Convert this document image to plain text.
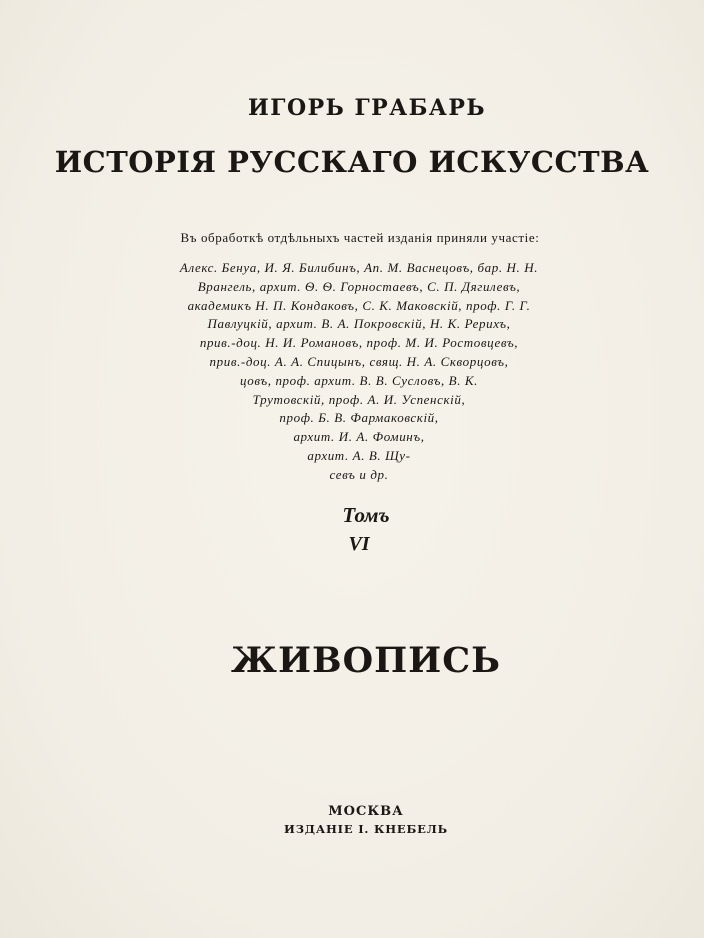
ИГОРЬ ГРАБАРЬ
ИСТОРІЯ РУССКАГО ИСКУССТВА
Въ обработкѣ отдѣльныхъ частей изданія приняли участіе:
Алекс. Бенуа, И. Я. Билибинъ, Ап. М. Васнецовъ, бар. Н. Н.
Врангель, архит. Ѳ. Ѳ. Горностаевъ, С. П. Дягилевъ,
академикъ Н. П. Кондаковъ, С. К. Маковскій, проф. Г. Г.
Павлуцкій, архит. В. А. Покровскій, Н. К. Рерихъ,
прив.-доц. Н. И. Романовъ, проф. М. И. Ростовцевъ,
прив.-доц. А. А. Спицынъ, свящ. Н. А. Скворцовъ,
цовъ, проф. архит. В. В. Сусловъ, В. К.
Трутовскій, проф. А. И. Успенскій,
проф. Б. В. Фармаковскій,
архит. И. А. Фоминъ,
архит. А. В. Щу-
севъ и др.
Томъ
VI
ЖИВОПИСЬ
МОСКВА
ИЗДАНІЕ І. КНЕБЕЛЬ
